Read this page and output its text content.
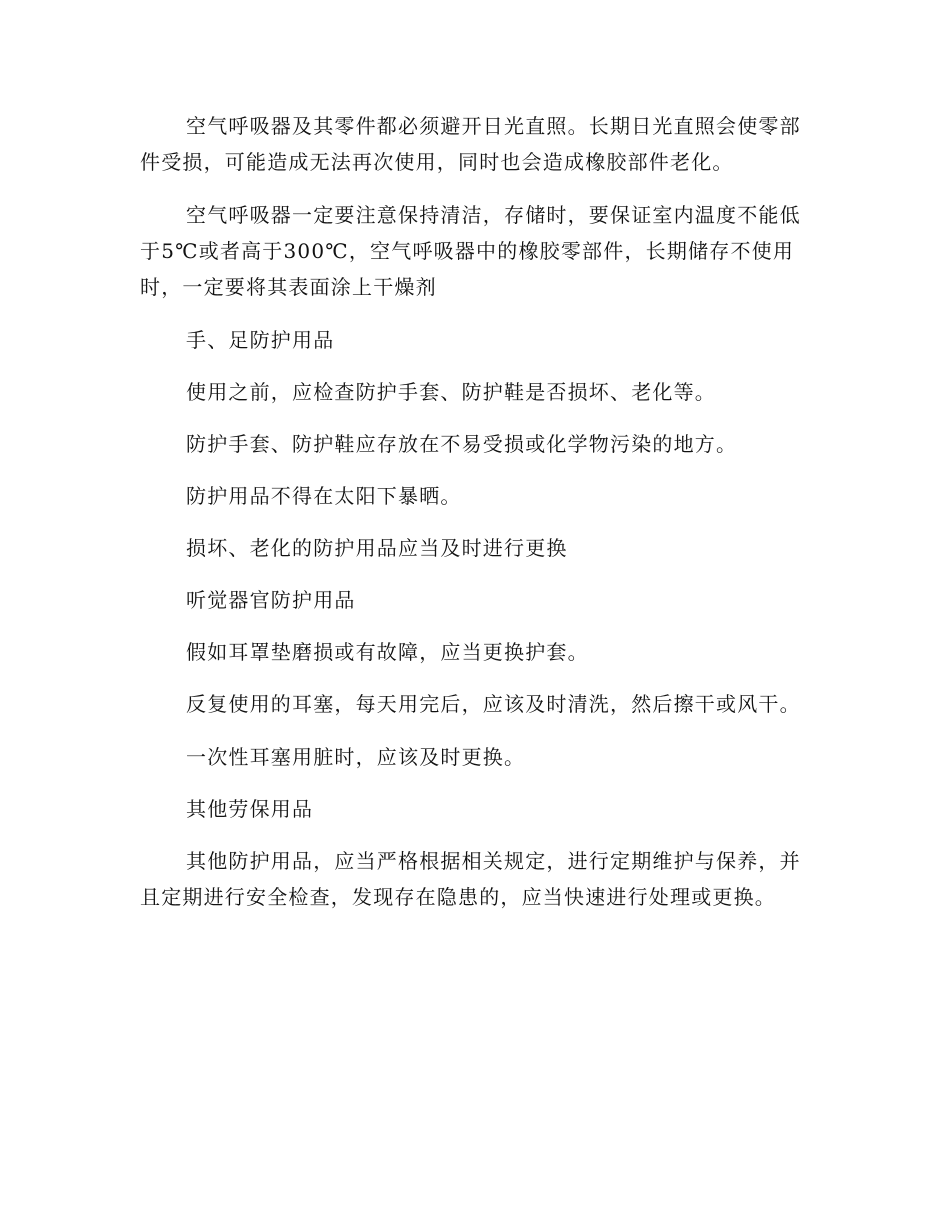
空气呼吸器及其零件都必须避开日光直照。长期日光直照会使零部件受损，可能造成无法再次使用，同时也会造成橡胶部件老化。

空气呼吸器一定要注意保持清洁，存储时，要保证室内温度不能低于5℃或者高于300℃，空气呼吸器中的橡胶零部件，长期储存不使用时，一定要将其表面涂上干燥剂

手、足防护用品

使用之前，应检查防护手套、防护鞋是否损坏、老化等。

防护手套、防护鞋应存放在不易受损或化学物污染的地方。

防护用品不得在太阳下暴晒。

损坏、老化的防护用品应当及时进行更换

听觉器官防护用品

假如耳罩垫磨损或有故障，应当更换护套。

反复使用的耳塞，每天用完后，应该及时清洗，然后擦干或风干。

一次性耳塞用脏时，应该及时更换。

其他劳保用品

其他防护用品，应当严格根据相关规定，进行定期维护与保养，并且定期进行安全检查，发现存在隐患的，应当快速进行处理或更换。
